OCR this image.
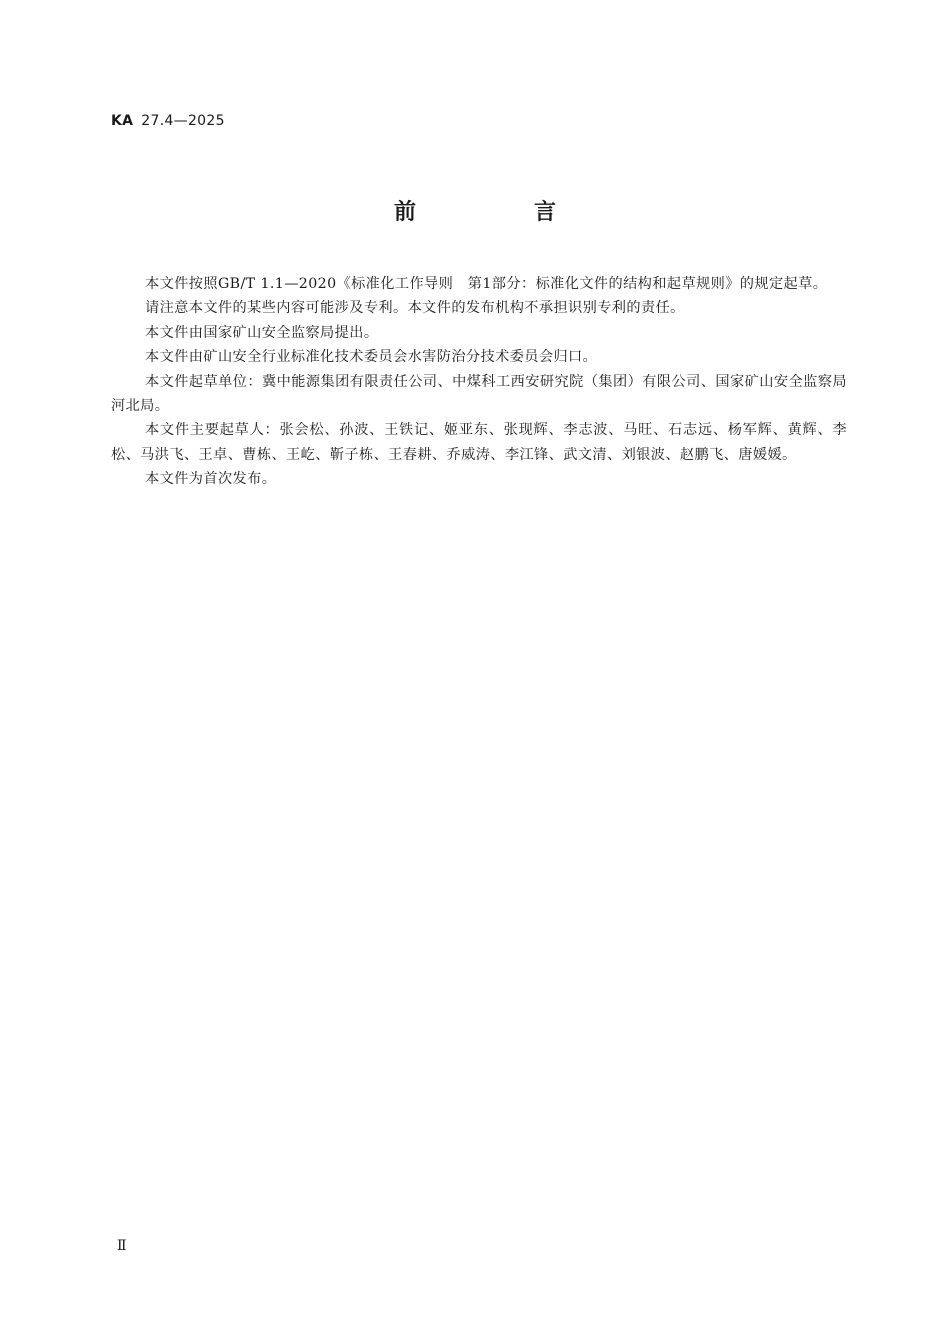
KA 27.4—2025
前　言

本文件按照GB/T 1.1—2020《标准化工作导则　第1部分：标准化文件的结构和起草规则》的规定起草。

请注意本文件的某些内容可能涉及专利。本文件的发布机构不承担识别专利的责任。

本文件由国家矿山安全监察局提出。

本文件由矿山安全行业标准化技术委员会水害防治分技术委员会归口。

本文件起草单位：冀中能源集团有限责任公司、中煤科工西安研究院（集团）有限公司、国家矿山安全监察局河北局。

本文件主要起草人：张会松、孙波、王铁记、姬亚东、张现辉、李志波、马旺、石志远、杨军辉、黄辉、李松、马洪飞、王卓、曹栋、王屹、靳子栋、王春耕、乔威涛、李江锋、武文清、刘银波、赵鹏飞、唐媛媛。

本文件为首次发布。

Ⅱ
